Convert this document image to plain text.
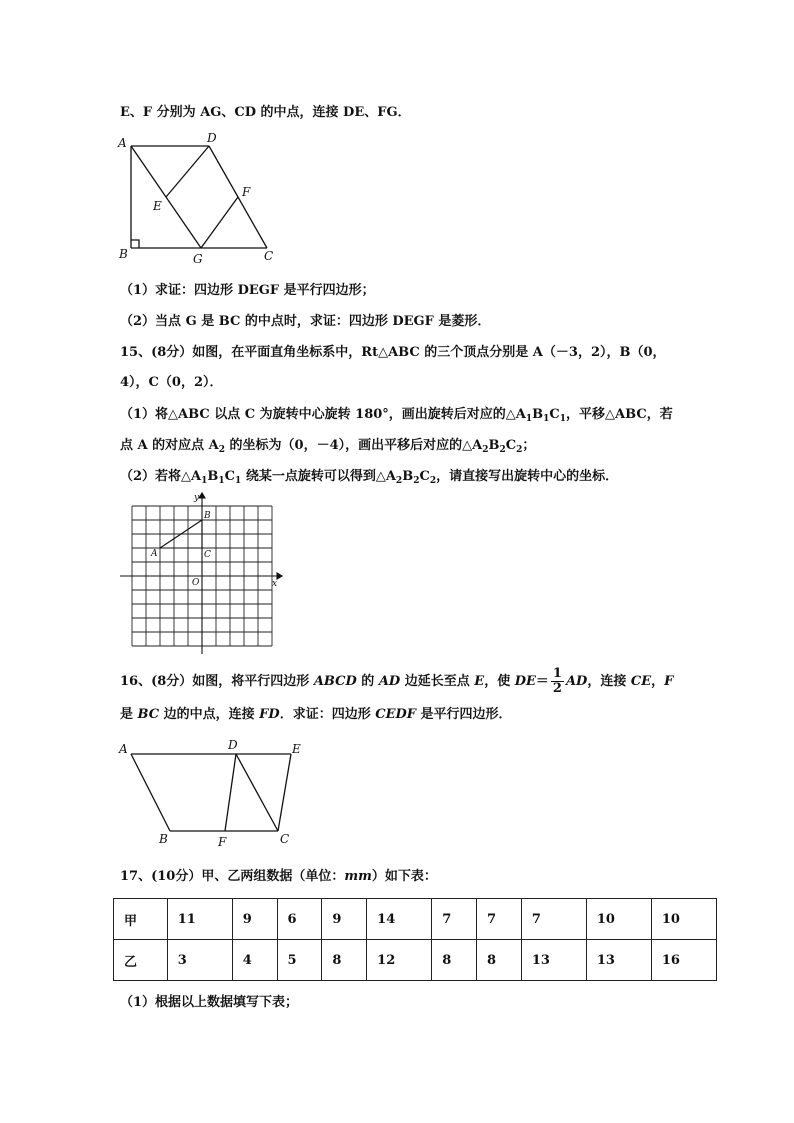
E、F 分别为 AG、CD 的中点，连接 DE、FG．
A	D
E
F
B	G	C
（1）求证：四边形 DEGF 是平行四边形；
（2）当点 G 是 BC 的中点时，求证：四边形 DEGF 是菱形．
15、(8分）如图，在平面直角坐标系中，Rt△ABC 的三个顶点分别是 A（－3，2），B（0，
4），C（0，2）．
（1）将△ABC 以点 C 为旋转中心旋转 180°，画出旋转后对应的$\triangle A_1B_1C_1$，平移△ABC，若
点 A 的对应点 $A_2$ 的坐标为（0，－4），画出平移后对应的$\triangle A_2B_2C_2$；
（2）若将$\triangle A_1B_1C_1$ 绕某一点旋转可以得到$\triangle A_2B_2C_2$，请直接写出旋转中心的坐标．
y
x
B
A	C
O
16、(8分）如图，将平行四边形 ABCD 的 AD 边延长至点 E，使 $DE= \frac{1}{2}$ AD，连接 CE，F
是 BC 边的中点，连接 FD．求证：四边形 CEDF 是平行四边形．
A	D	E
B	F	C
17、(10分）甲、乙两组数据（单位：mm）如下表：
甲	11	9	6	9	14	7	7	7	10	10
乙	3	4	5	8	12	8	8	13	13	16
（1）根据以上数据填写下表；
